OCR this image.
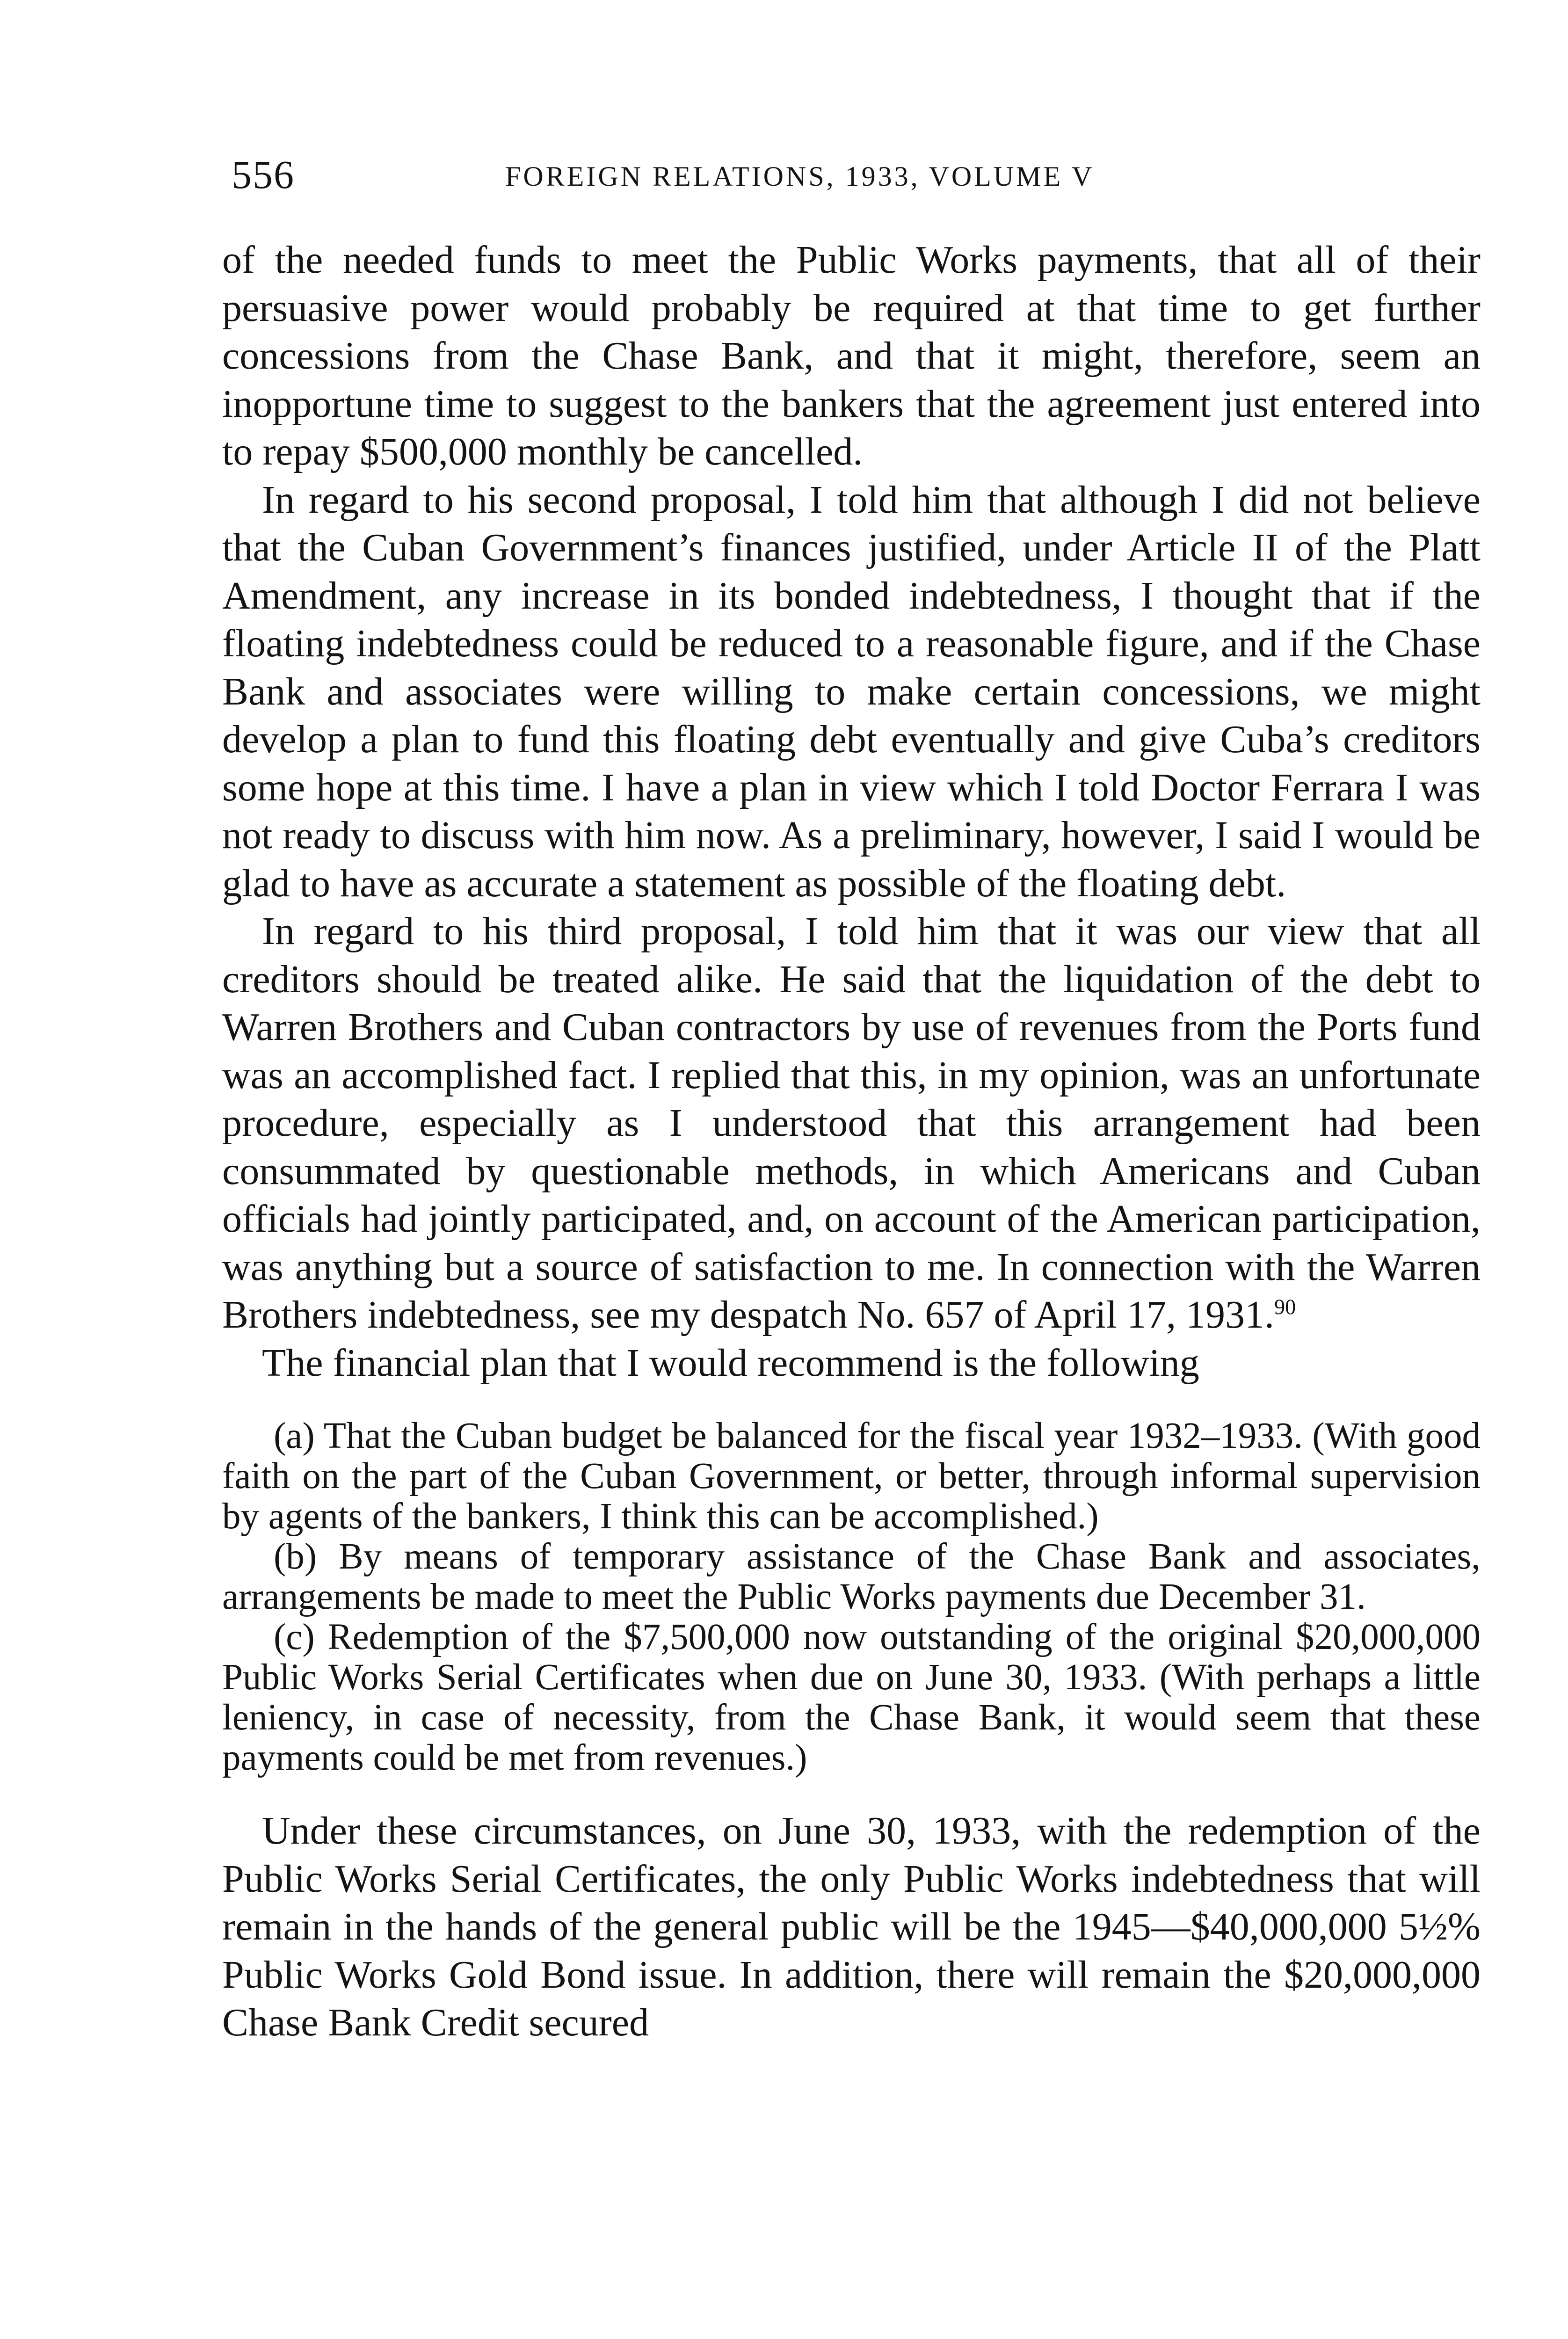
556	FOREIGN RELATIONS, 1933, VOLUME V

of the needed funds to meet the Public Works payments, that all of their persuasive power would probably be required at that time to get further concessions from the Chase Bank, and that it might, therefore, seem an inopportune time to suggest to the bankers that the agreement just entered into to repay $500,000 monthly be cancelled.

In regard to his second proposal, I told him that although I did not believe that the Cuban Government’s finances justified, under Article II of the Platt Amendment, any increase in its bonded indebtedness, I thought that if the floating indebtedness could be reduced to a reasonable figure, and if the Chase Bank and associates were willing to make certain concessions, we might develop a plan to fund this floating debt eventually and give Cuba’s creditors some hope at this time. I have a plan in view which I told Doctor Ferrara I was not ready to discuss with him now. As a preliminary, however, I said I would be glad to have as accurate a statement as possible of the floating debt.

In regard to his third proposal, I told him that it was our view that all creditors should be treated alike. He said that the liquidation of the debt to Warren Brothers and Cuban contractors by use of revenues from the Ports fund was an accomplished fact. I replied that this, in my opinion, was an unfortunate procedure, especially as I understood that this arrangement had been consummated by questionable methods, in which Americans and Cuban officials had jointly participated, and, on account of the American participation, was anything but a source of satisfaction to me. In connection with the Warren Brothers indebtedness, see my despatch No. 657 of April 17, 1931.90

The financial plan that I would recommend is the following

(a) That the Cuban budget be balanced for the fiscal year 1932–1933. (With good faith on the part of the Cuban Government, or better, through informal supervision by agents of the bankers, I think this can be accomplished.)

(b) By means of temporary assistance of the Chase Bank and associates, arrangements be made to meet the Public Works payments due December 31.

(c) Redemption of the $7,500,000 now outstanding of the original $20,000,000 Public Works Serial Certificates when due on June 30, 1933. (With perhaps a little leniency, in case of necessity, from the Chase Bank, it would seem that these payments could be met from revenues.)

Under these circumstances, on June 30, 1933, with the redemption of the Public Works Serial Certificates, the only Public Works indebtedness that will remain in the hands of the general public will be the 1945—$40,000,000 5½% Public Works Gold Bond issue. In addition, there will remain the $20,000,000 Chase Bank Credit secured
